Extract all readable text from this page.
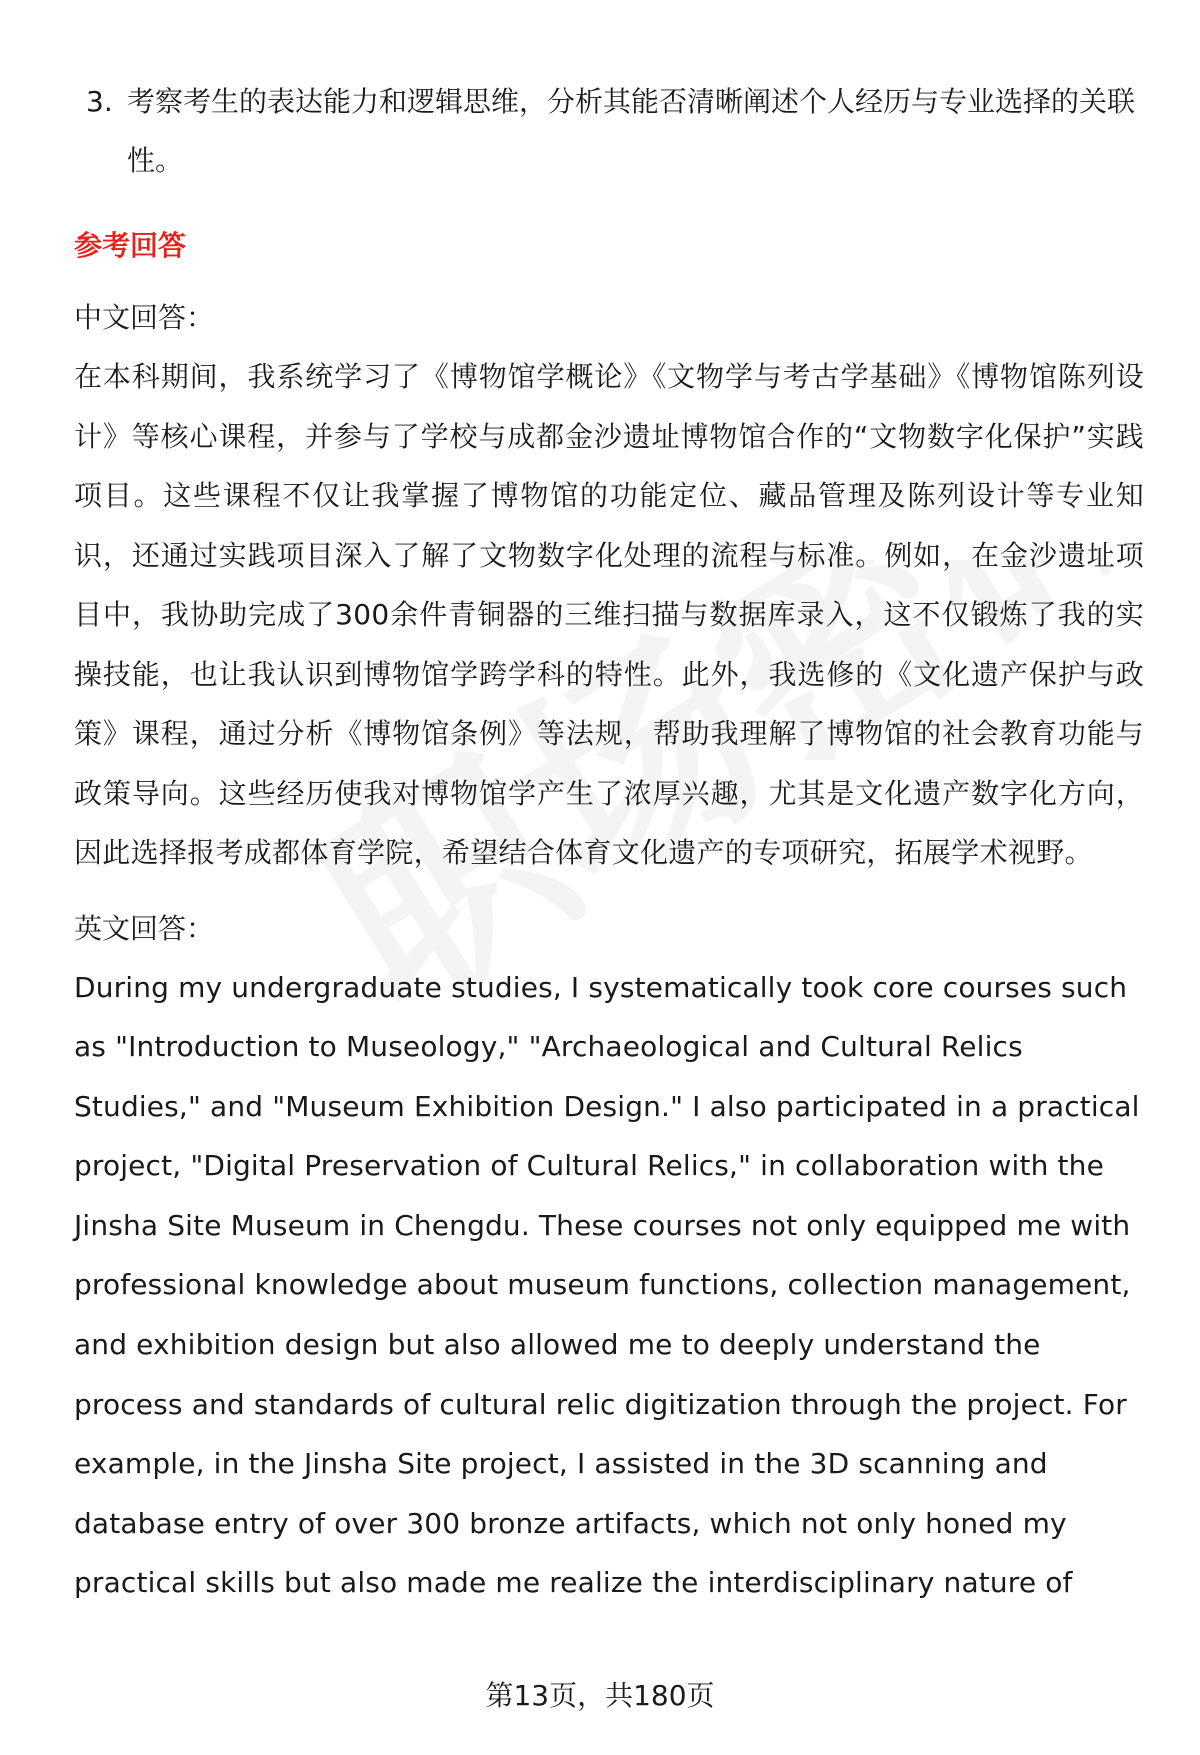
3. 考察考生的表达能力和逻辑思维，分析其能否清晰阐述个人经历与专业选择的关联性。
参考回答
中文回答：
在本科期间，我系统学习了《博物馆学概论》《文物学与考古学基础》《博物馆陈列设计》等核心课程，并参与了学校与成都金沙遗址博物馆合作的“文物数字化保护”实践项目。这些课程不仅让我掌握了博物馆的功能定位、藏品管理及陈列设计等专业知识，还通过实践项目深入了解了文物数字化处理的流程与标准。例如，在金沙遗址项目中，我协助完成了300余件青铜器的三维扫描与数据库录入，这不仅锻炼了我的实操技能，也让我认识到博物馆学跨学科的特性。此外，我选修的《文化遗产保护与政策》课程，通过分析《博物馆条例》等法规，帮助我理解了博物馆的社会教育功能与政策导向。这些经历使我对博物馆学产生了浓厚兴趣，尤其是文化遗产数字化方向，因此选择报考成都体育学院，希望结合体育文化遗产的专项研究，拓展学术视野。
英文回答：
During my undergraduate studies, I systematically took core courses such as "Introduction to Museology," "Archaeological and Cultural Relics Studies," and "Museum Exhibition Design." I also participated in a practical project, "Digital Preservation of Cultural Relics," in collaboration with the Jinsha Site Museum in Chengdu. These courses not only equipped me with professional knowledge about museum functions, collection management, and exhibition design but also allowed me to deeply understand the process and standards of cultural relic digitization through the project. For example, in the Jinsha Site project, I assisted in the 3D scanning and database entry of over 300 bronze artifacts, which not only honed my practical skills but also made me realize the interdisciplinary nature of
第13页，共180页
